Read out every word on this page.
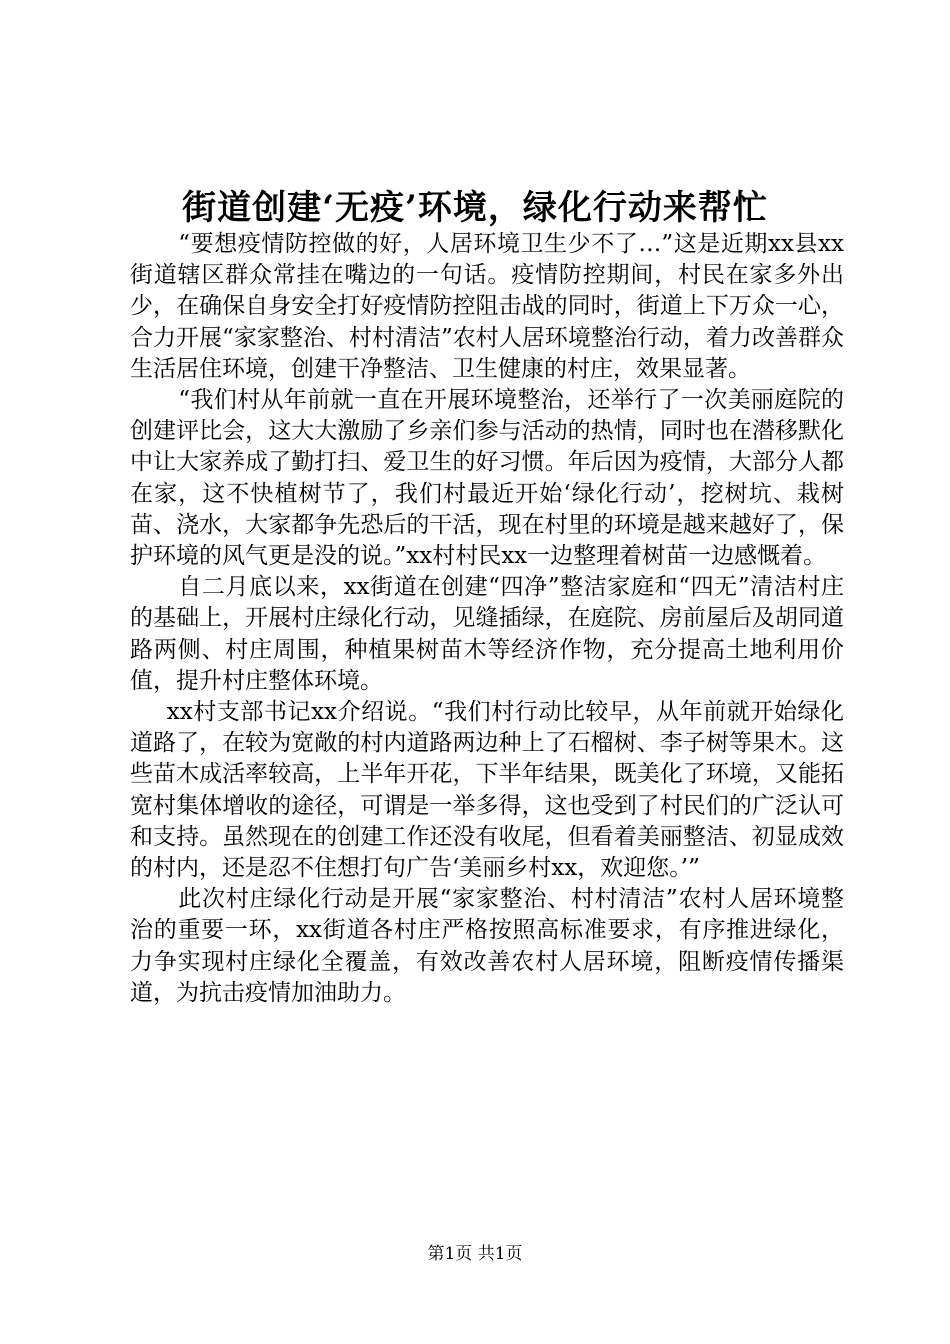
街道创建‘无疫’环境，绿化行动来帮忙

“要想疫情防控做的好，人居环境卫生少不了…”这是近期xx县xx街道辖区群众常挂在嘴边的一句话。疫情防控期间，村民在家多外出少，在确保自身安全打好疫情防控阻击战的同时，街道上下万众一心，合力开展“家家整治、村村清洁”农村人居环境整治行动，着力改善群众生活居住环境，创建干净整洁、卫生健康的村庄，效果显著。

“我们村从年前就一直在开展环境整治，还举行了一次美丽庭院的创建评比会，这大大激励了乡亲们参与活动的热情，同时也在潜移默化中让大家养成了勤打扫、爱卫生的好习惯。年后因为疫情，大部分人都在家，这不快植树节了，我们村最近开始‘绿化行动’，挖树坑、栽树苗、浇水，大家都争先恐后的干活，现在村里的环境是越来越好了，保护环境的风气更是没的说。”xx村村民xx一边整理着树苗一边感慨着。

自二月底以来，xx街道在创建“四净”整洁家庭和“四无”清洁村庄的基础上，开展村庄绿化行动，见缝插绿，在庭院、房前屋后及胡同道路两侧、村庄周围，种植果树苗木等经济作物，充分提高土地利用价值，提升村庄整体环境。

xx村支部书记xx介绍说。“我们村行动比较早，从年前就开始绿化道路了，在较为宽敞的村内道路两边种上了石榴树、李子树等果木。这些苗木成活率较高，上半年开花，下半年结果，既美化了环境，又能拓宽村集体增收的途径，可谓是一举多得，这也受到了村民们的广泛认可和支持。虽然现在的创建工作还没有收尾，但看着美丽整洁、初显成效的村内，还是忍不住想打句广告‘美丽乡村xx，欢迎您。’”

此次村庄绿化行动是开展“家家整治、村村清洁”农村人居环境整治的重要一环，xx街道各村庄严格按照高标准要求，有序推进绿化，力争实现村庄绿化全覆盖，有效改善农村人居环境，阻断疫情传播渠道，为抗击疫情加油助力。

第1页 共1页
